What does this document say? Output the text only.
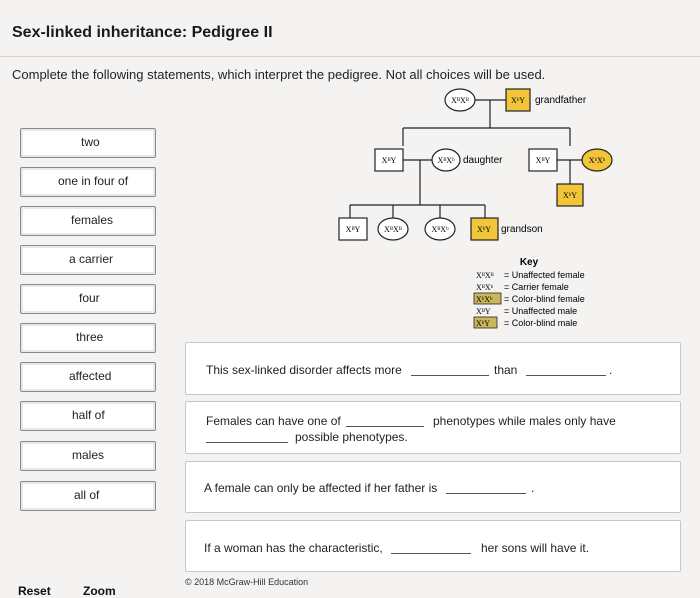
Sex-linked inheritance: Pedigree II
Complete the following statements, which interpret the pedigree. Not all choices will be used.
two
one in four of
females
a carrier
four
three
affected
half of
males
all of
XᴮXᴮ	XᵇY grandfather
XᴮY	XᴮXᵇ daughter	XᴮY	XᵇXᵇ
XᵇY
XᴮY	XᴮXᴮ	XᴮXᵇ	XᵇY grandson
Key
XᴮXᴮ = Unaffected female
XᴮXᵇ = Carrier female
XᵇXᵇ = Color-blind female
XᴮY = Unaffected male
XᵇY = Color-blind male
This sex-linked disorder affects more	than	.
Females can have one of	phenotypes while males only have
possible phenotypes.
A female can only be affected if her father is	.
If a woman has the characteristic,	her sons will have it.
© 2018 McGraw-Hill Education
Reset	Zoom
